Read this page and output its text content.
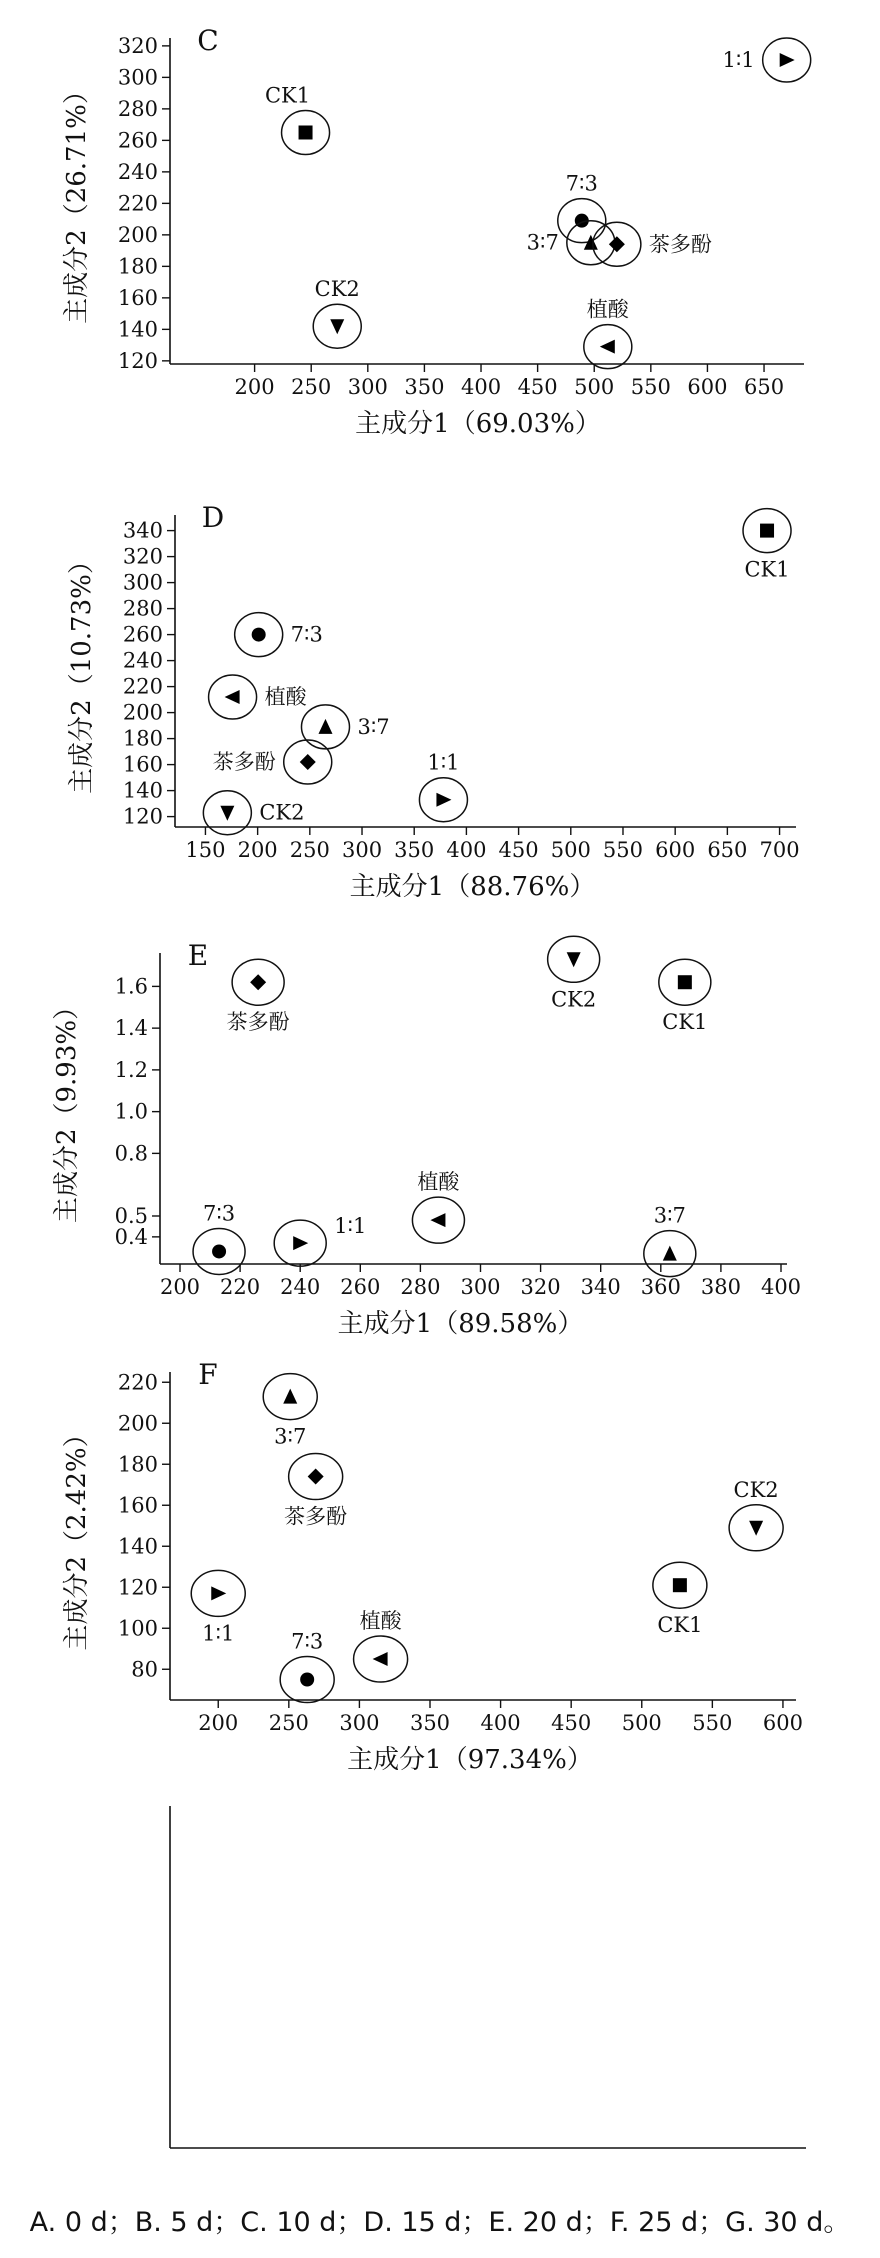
200 250 300 350 400 450 500 550 600 650
120
140
160
180
200
220
240
260
280
300
320
主成分1（69.03%）
主成分2（26.71%）
C
1∶1
CK1
7∶3
3∶7	茶多酚
CK2
植酸
150 200 250 300 350 400 450 500 550 600 650 700
120
140
160
180
200
220
240
260
280
300
320
340
主成分1（88.76%）
主成分2（10.73%）
D
CK1
7∶3
植酸
3∶7
茶多酚	1∶1
CK2
200 220 240 260 280 300 320 340 360 380 400
0.4
0.5
0.8
1.0
1.2
1.4
1.6
主成分1（89.58%）
主成分2（9.93%）
E
CK2
CK1
茶多酚
植酸
1∶1
7∶3	3∶7
200 250 300 350 400 450 500 550 600
80
100
120
140
160
180
200
220
主成分1（97.34%）
主成分2（2.42%）
F
3∶7
茶多酚
CK2
CK1
1∶1
植酸
7∶3
A. 0 d；B. 5 d；C. 10 d；D. 15 d；E. 20 d；F. 25 d；G. 30 d。
